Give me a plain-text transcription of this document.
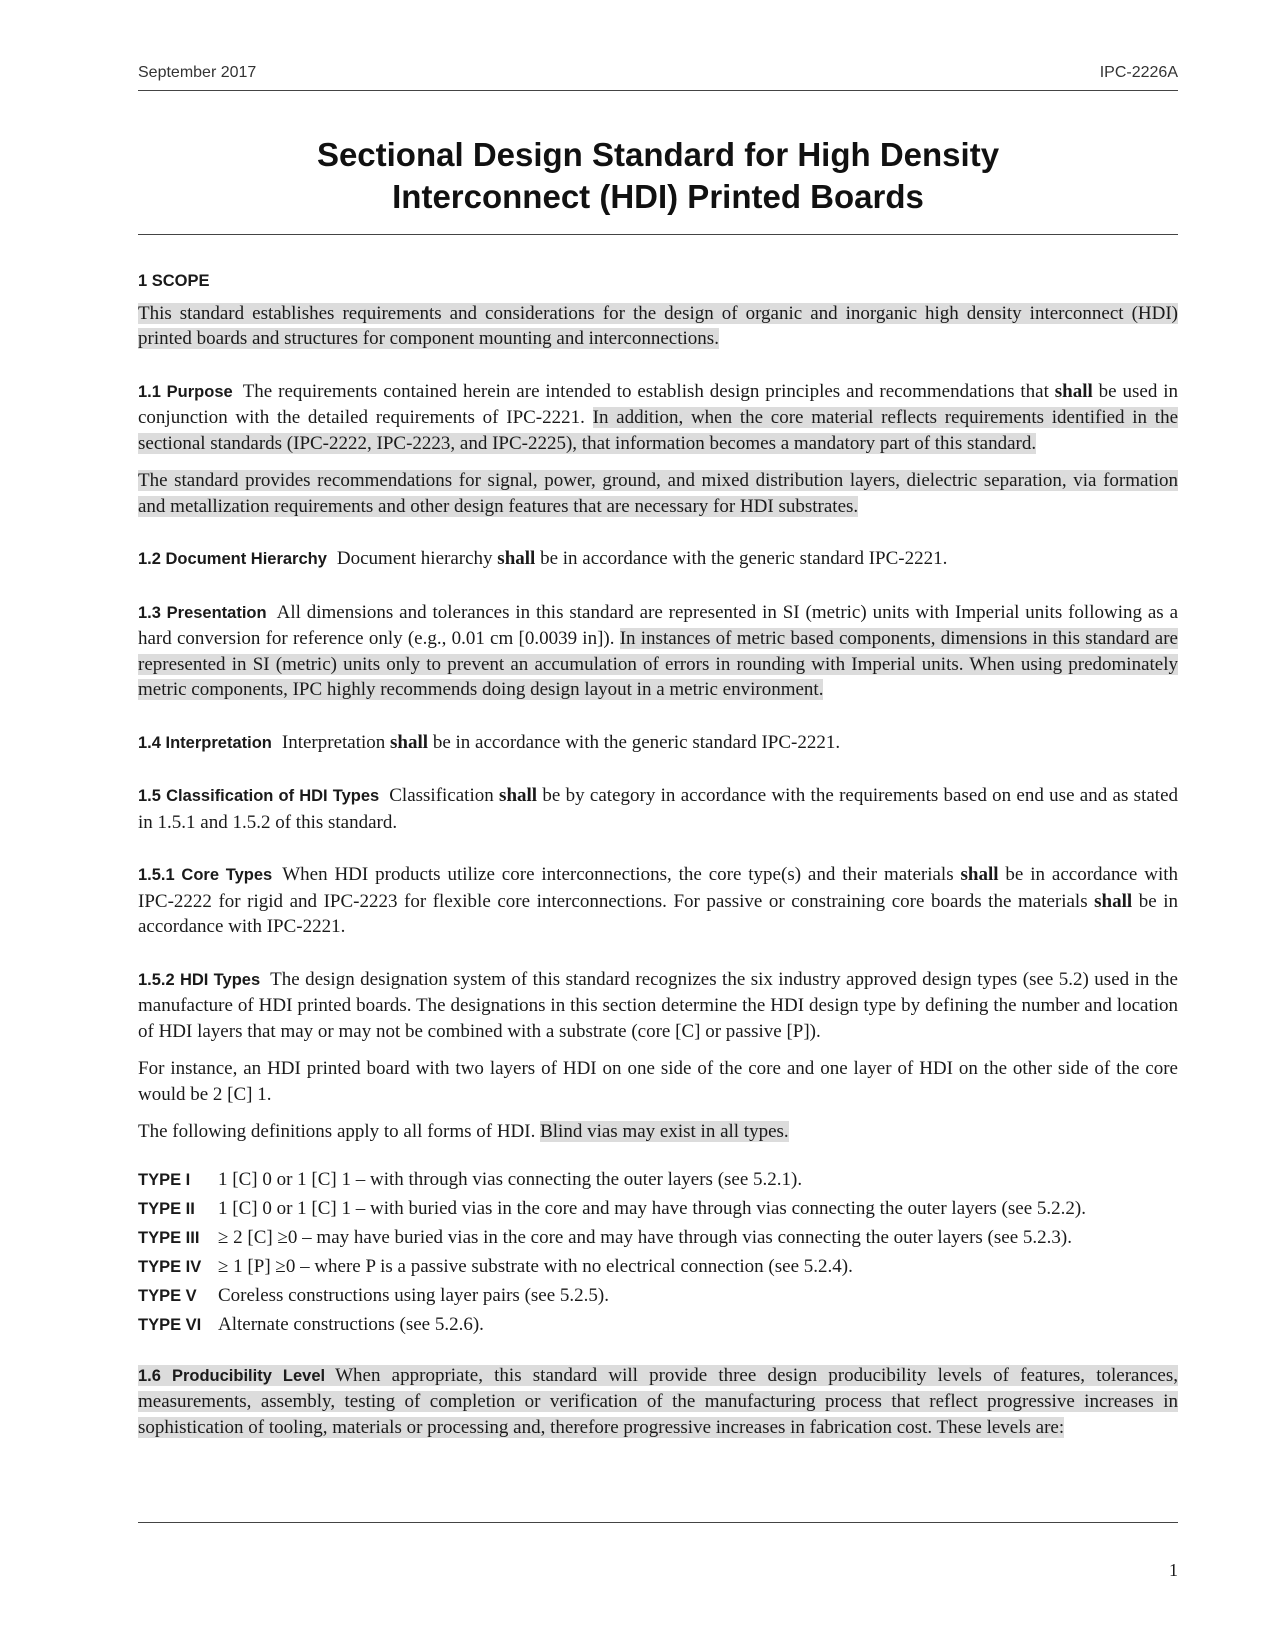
September 2017	IPC-2226A
Sectional Design Standard for High Density
Interconnect (HDI) Printed Boards

1 SCOPE

This standard establishes requirements and considerations for the design of organic and inorganic high density interconnect (HDI) printed boards and structures for component mounting and interconnections.

1.1 Purpose The requirements contained herein are intended to establish design principles and recommendations that shall be used in conjunction with the detailed requirements of IPC-2221. In addition, when the core material reflects requirements identified in the sectional standards (IPC-2222, IPC-2223, and IPC-2225), that information becomes a mandatory part of this standard.

The standard provides recommendations for signal, power, ground, and mixed distribution layers, dielectric separation, via formation and metallization requirements and other design features that are necessary for HDI substrates.

1.2 Document Hierarchy Document hierarchy shall be in accordance with the generic standard IPC-2221.

1.3 Presentation All dimensions and tolerances in this standard are represented in SI (metric) units with Imperial units following as a hard conversion for reference only (e.g., 0.01 cm [0.0039 in]). In instances of metric based components, dimensions in this standard are represented in SI (metric) units only to prevent an accumulation of errors in rounding with Imperial units. When using predominately metric components, IPC highly recommends doing design layout in a metric environment.

1.4 Interpretation Interpretation shall be in accordance with the generic standard IPC-2221.

1.5 Classification of HDI Types Classification shall be by category in accordance with the requirements based on end use and as stated in 1.5.1 and 1.5.2 of this standard.

1.5.1 Core Types When HDI products utilize core interconnections, the core type(s) and their materials shall be in accordance with IPC-2222 for rigid and IPC-2223 for flexible core interconnections. For passive or constraining core boards the materials shall be in accordance with IPC-2221.

1.5.2 HDI Types The design designation system of this standard recognizes the six industry approved design types (see 5.2) used in the manufacture of HDI printed boards. The designations in this section determine the HDI design type by defining the number and location of HDI layers that may or may not be combined with a substrate (core [C] or passive [P]).

For instance, an HDI printed board with two layers of HDI on one side of the core and one layer of HDI on the other side of the core would be 2 [C] 1.

The following definitions apply to all forms of HDI. Blind vias may exist in all types.

TYPE I	1 [C] 0 or 1 [C] 1 – with through vias connecting the outer layers (see 5.2.1).
TYPE II	1 [C] 0 or 1 [C] 1 – with buried vias in the core and may have through vias connecting the outer layers (see 5.2.2).
TYPE III ≥ 2 [C] ≥0 – may have buried vias in the core and may have through vias connecting the outer layers (see 5.2.3).
TYPE IV ≥ 1 [P] ≥0 – where P is a passive substrate with no electrical connection (see 5.2.4).
TYPE V	Coreless constructions using layer pairs (see 5.2.5).
TYPE VI Alternate constructions (see 5.2.6).

1.6 Producibility Level When appropriate, this standard will provide three design producibility levels of features, tolerances, measurements, assembly, testing of completion or verification of the manufacturing process that reflect progressive increases in sophistication of tooling, materials or processing and, therefore progressive increases in fabrication cost. These levels are:

1
